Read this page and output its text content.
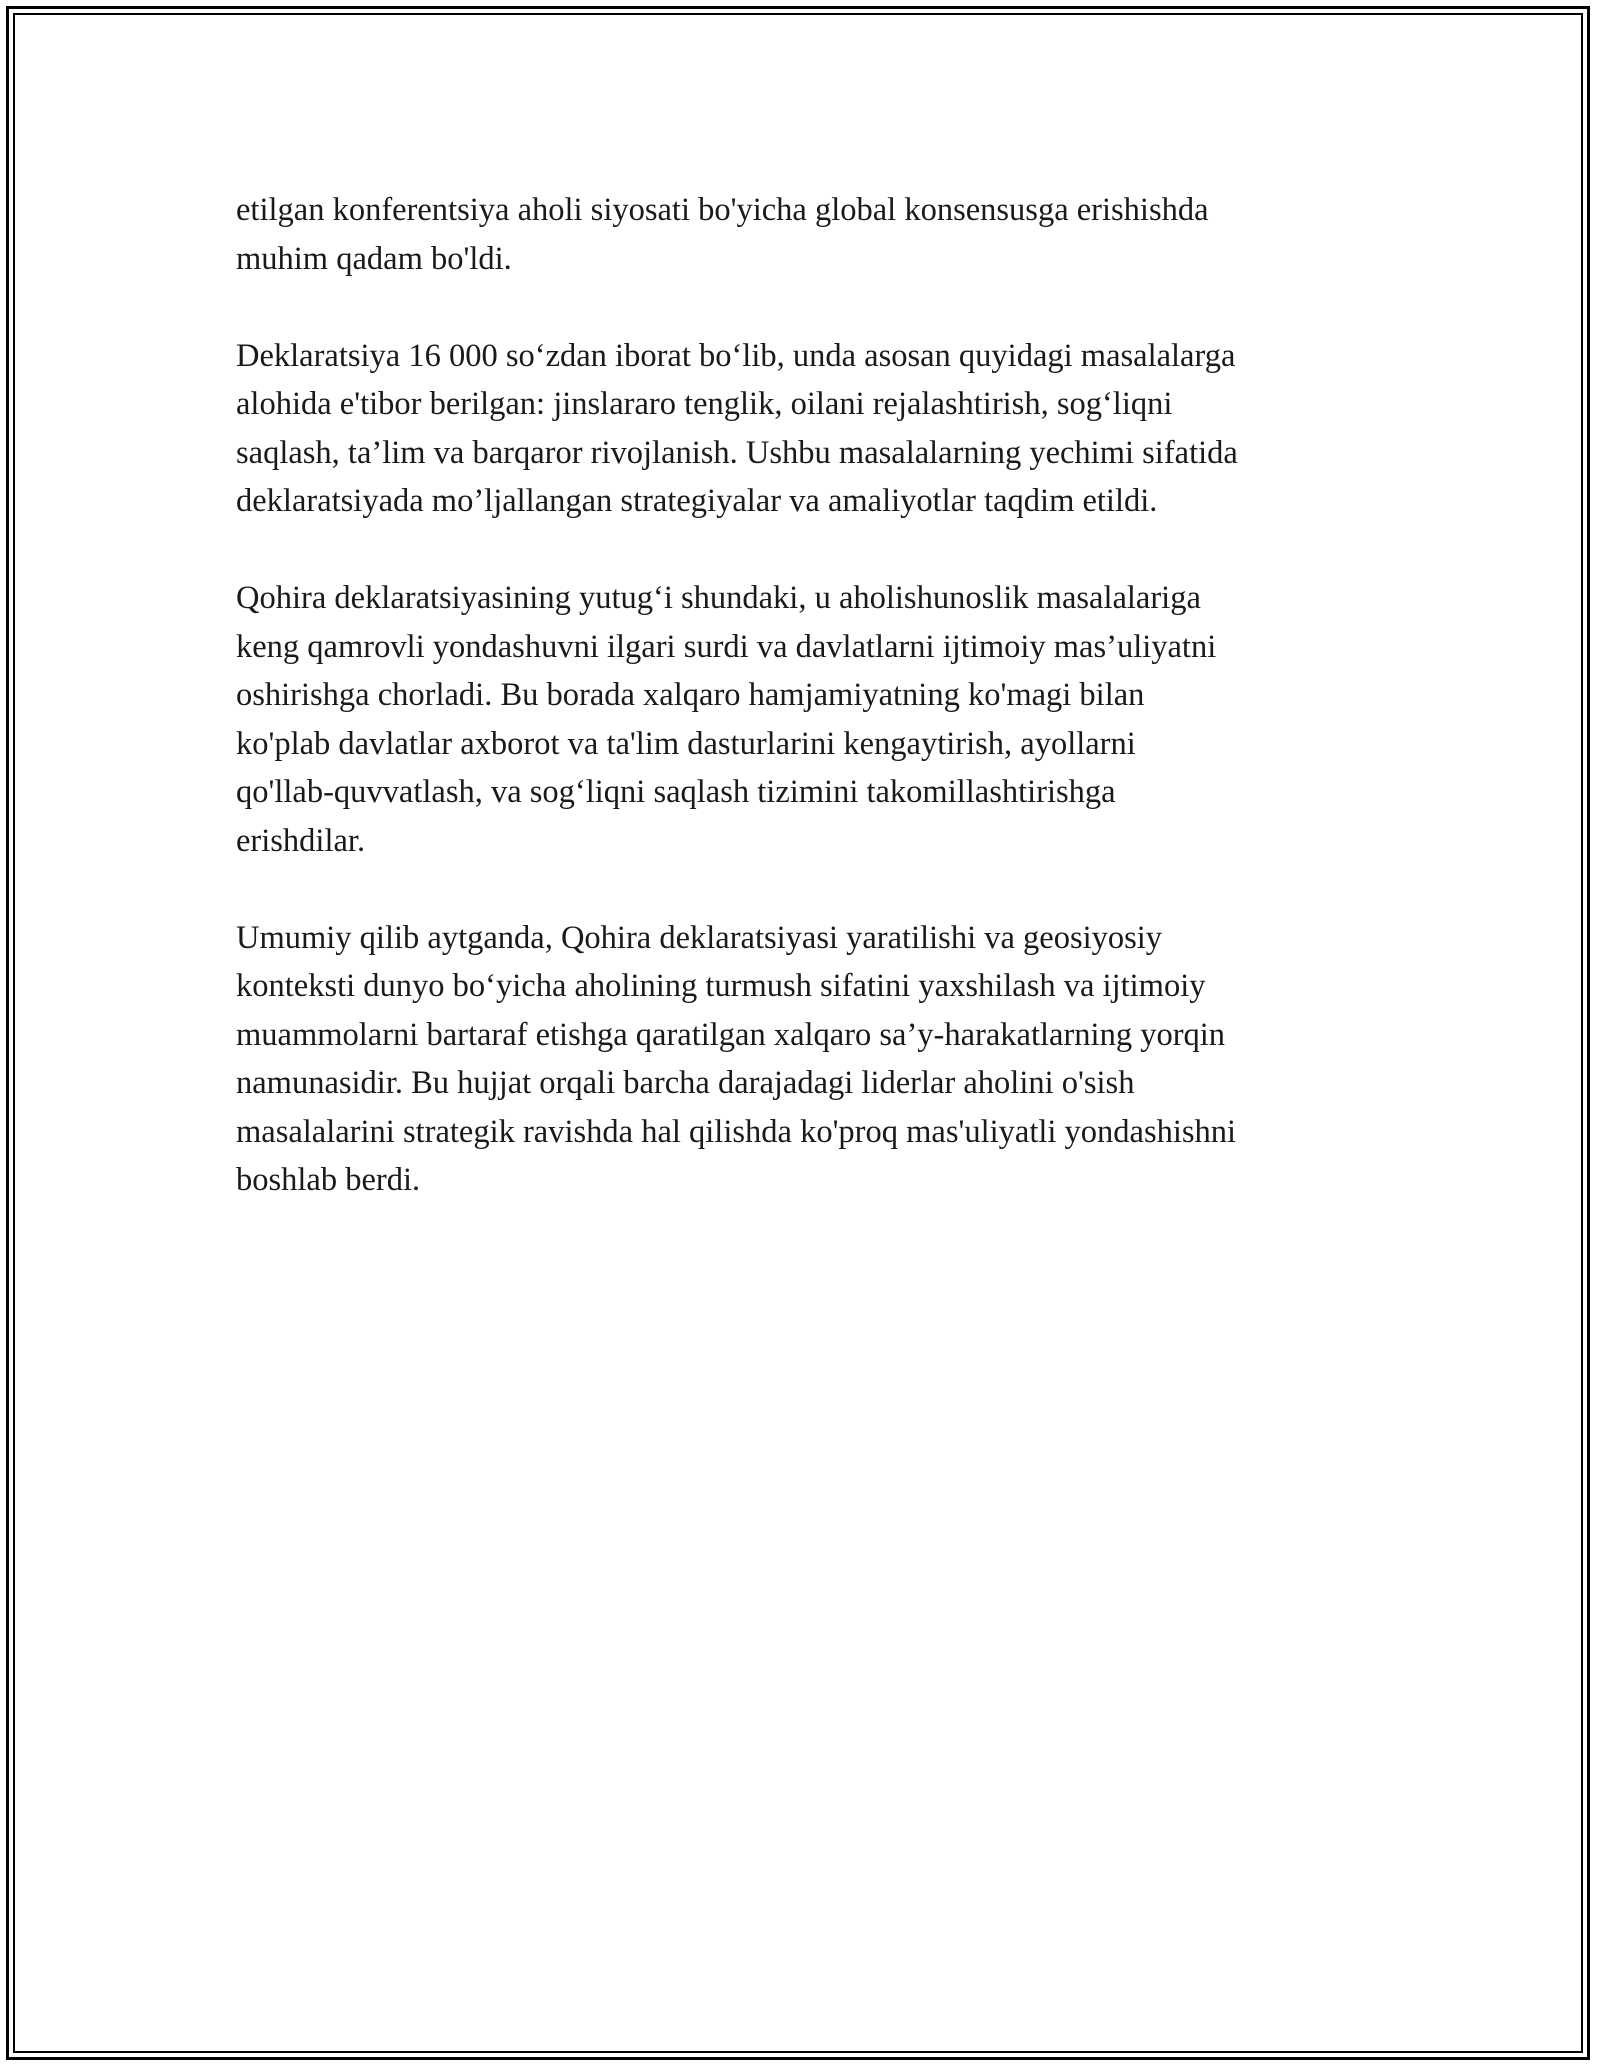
etilgan konferentsiya aholi siyosati bo'yicha global konsensusga erishishda
muhim qadam bo'ldi.

Deklaratsiya 16 000 so‘zdan iborat bo‘lib, unda asosan quyidagi masalalarga
alohida e'tibor berilgan: jinslararo tenglik, oilani rejalashtirish, sog‘liqni
saqlash, ta’lim va barqaror rivojlanish. Ushbu masalalarning yechimi sifatida
deklaratsiyada mo’ljallangan strategiyalar va amaliyotlar taqdim etildi.

Qohira deklaratsiyasining yutug‘i shundaki, u aholishunoslik masalalariga
keng qamrovli yondashuvni ilgari surdi va davlatlarni ijtimoiy mas’uliyatni
oshirishga chorladi. Bu borada xalqaro hamjamiyatning ko'magi bilan
ko'plab davlatlar axborot va ta'lim dasturlarini kengaytirish, ayollarni
qo'llab-quvvatlash, va sog‘liqni saqlash tizimini takomillashtirishga
erishdilar.

Umumiy qilib aytganda, Qohira deklaratsiyasi yaratilishi va geosiyosiy
konteksti dunyo bo‘yicha aholining turmush sifatini yaxshilash va ijtimoiy
muammolarni bartaraf etishga qaratilgan xalqaro sa’y-harakatlarning yorqin
namunasidir. Bu hujjat orqali barcha darajadagi liderlar aholini o'sish
masalalarini strategik ravishda hal qilishda ko'proq mas'uliyatli yondashishni
boshlab berdi.
